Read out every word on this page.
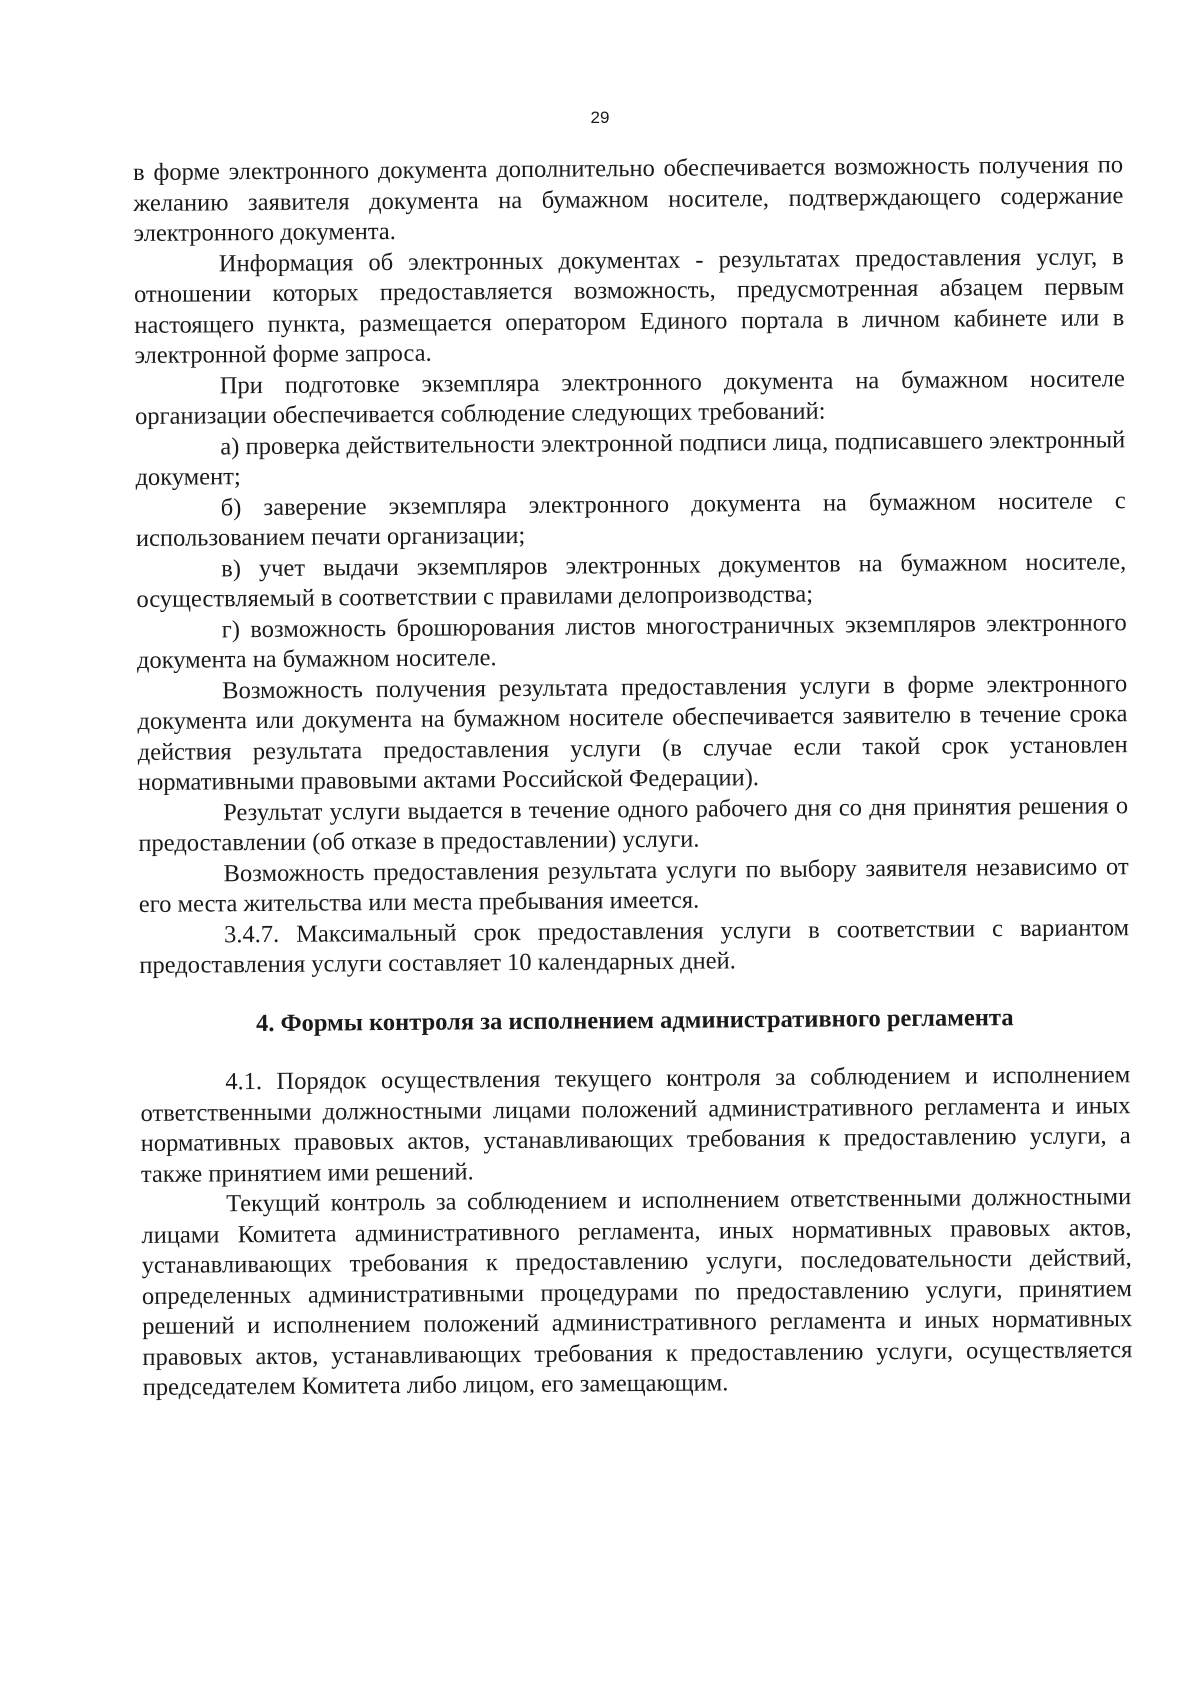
29

в форме электронного документа дополнительно обеспечивается возможность получения по желанию заявителя документа на бумажном носителе, подтверждающего содержание электронного документа.

Информация об электронных документах - результатах предоставления услуг, в отношении которых предоставляется возможность, предусмотренная абзацем первым настоящего пункта, размещается оператором Единого портала в личном кабинете или в электронной форме запроса.

При подготовке экземпляра электронного документа на бумажном носителе организации обеспечивается соблюдение следующих требований:

а) проверка действительности электронной подписи лица, подписавшего электронный документ;

б) заверение экземпляра электронного документа на бумажном носителе с использованием печати организации;

в) учет выдачи экземпляров электронных документов на бумажном носителе, осуществляемый в соответствии с правилами делопроизводства;

г) возможность брошюрования листов многостраничных экземпляров электронного документа на бумажном носителе.

Возможность получения результата предоставления услуги в форме электронного документа или документа на бумажном носителе обеспечивается заявителю в течение срока действия результата предоставления услуги (в случае если такой срок установлен нормативными правовыми актами Российской Федерации).

Результат услуги выдается в течение одного рабочего дня со дня принятия решения о предоставлении (об отказе в предоставлении) услуги.

Возможность предоставления результата услуги по выбору заявителя независимо от его места жительства или места пребывания имеется.

3.4.7. Максимальный срок предоставления услуги в соответствии с вариантом предоставления услуги составляет 10 календарных дней.

4. Формы контроля за исполнением административного регламента

4.1. Порядок осуществления текущего контроля за соблюдением и исполнением ответственными должностными лицами положений административного регламента и иных нормативных правовых актов, устанавливающих требования к предоставлению услуги, а также принятием ими решений.

Текущий контроль за соблюдением и исполнением ответственными должностными лицами Комитета административного регламента, иных нормативных правовых актов, устанавливающих требования к предоставлению услуги, последовательности действий, определенных административными процедурами по предоставлению услуги, принятием решений и исполнением положений административного регламента и иных нормативных правовых актов, устанавливающих требования к предоставлению услуги, осуществляется председателем Комитета либо лицом, его замещающим.
